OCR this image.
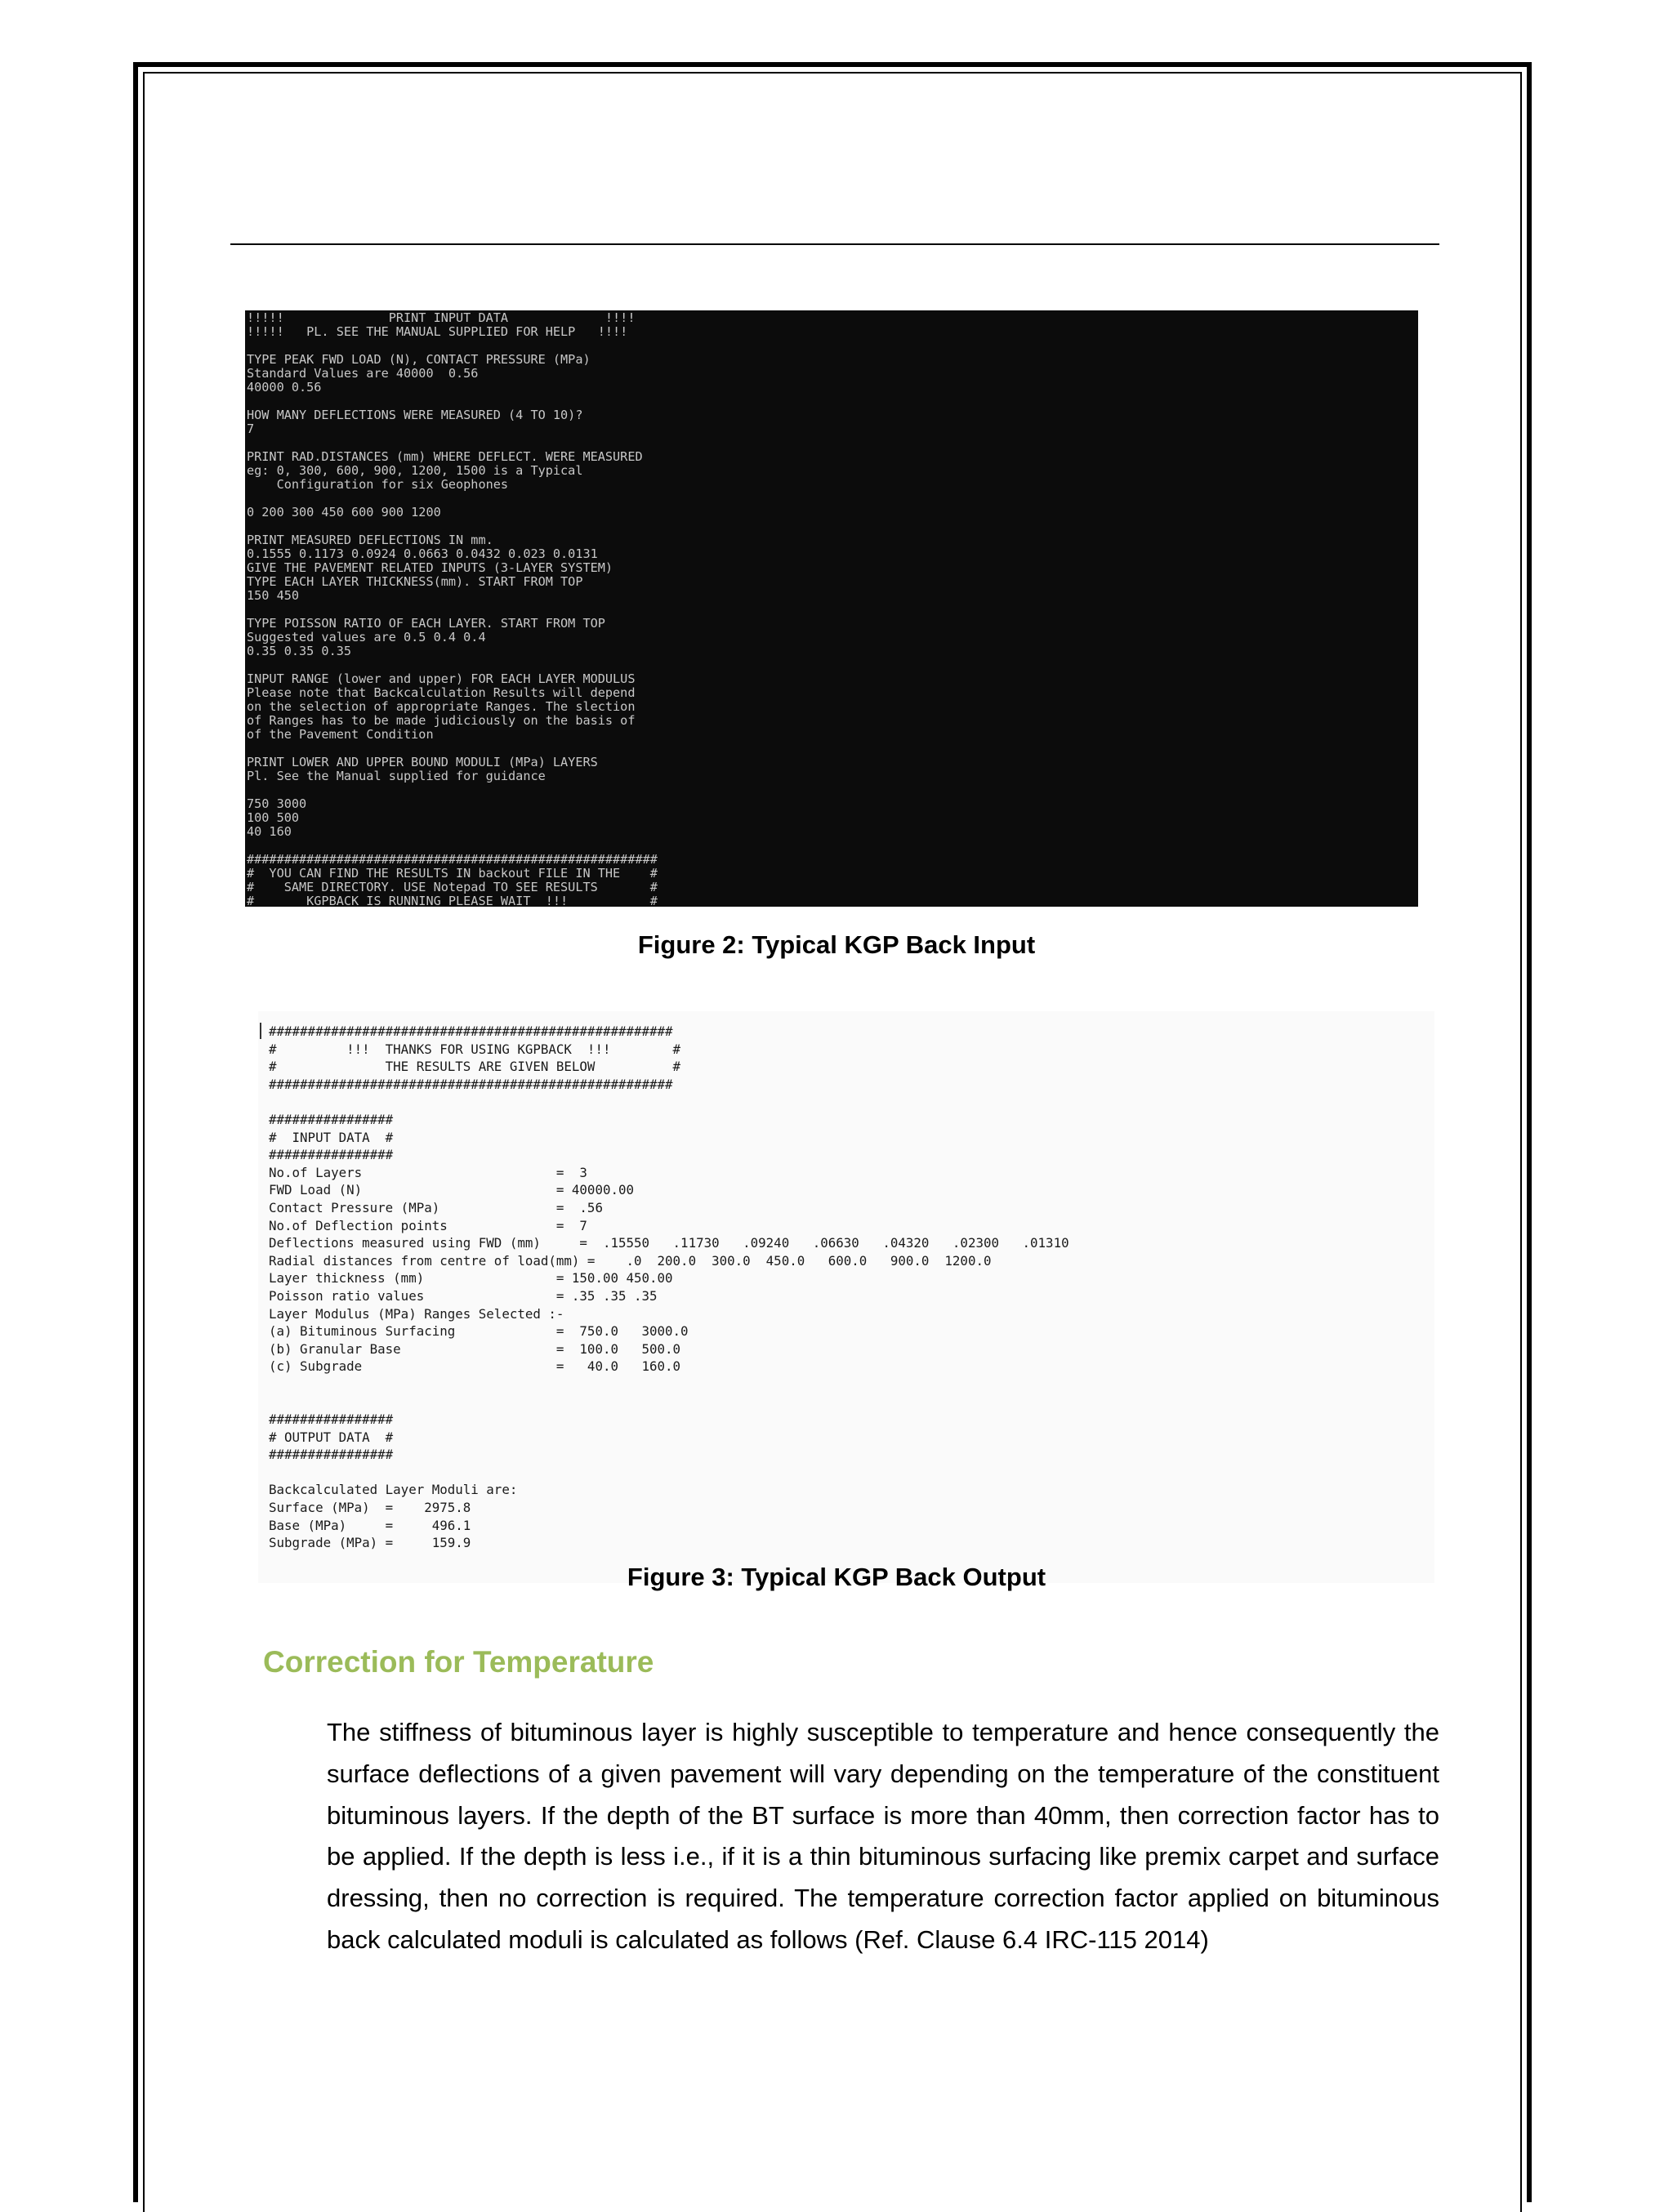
!!!!!              PRINT INPUT DATA             !!!!
!!!!!   PL. SEE THE MANUAL SUPPLIED FOR HELP   !!!!
TYPE PEAK FWD LOAD (N), CONTACT PRESSURE (MPa)
Standard Values are 40000  0.56
40000 0.56
HOW MANY DEFLECTIONS WERE MEASURED (4 TO 10)?
7
PRINT RAD.DISTANCES (mm) WHERE DEFLECT. WERE MEASURED
eg: 0, 300, 600, 900, 1200, 1500 is a Typical
Configuration for six Geophones
0 200 300 450 600 900 1200
PRINT MEASURED DEFLECTIONS IN mm.
0.1555 0.1173 0.0924 0.0663 0.0432 0.023 0.0131
GIVE THE PAVEMENT RELATED INPUTS (3-LAYER SYSTEM)
TYPE EACH LAYER THICKNESS(mm). START FROM TOP
150 450
TYPE POISSON RATIO OF EACH LAYER. START FROM TOP
Suggested values are 0.5 0.4 0.4
0.35 0.35 0.35
INPUT RANGE (lower and upper) FOR EACH LAYER MODULUS
Please note that Backcalculation Results will depend
on the selection of appropriate Ranges. The slection
of Ranges has to be made judiciously on the basis of
of the Pavement Condition
PRINT LOWER AND UPPER BOUND MODULI (MPa) LAYERS
Pl. See the Manual supplied for guidance
750 3000
100 500
40 160
#######################################################
#  YOU CAN FIND THE RESULTS IN backout FILE IN THE    #
#    SAME DIRECTORY. USE Notepad TO SEE RESULTS       #
#       KGPBACK IS RUNNING PLEASE WAIT  !!!           #
Figure 2: Typical KGP Back Input
####################################################
#         !!!  THANKS FOR USING KGPBACK  !!!        #
#              THE RESULTS ARE GIVEN BELOW          #
####################################################
################
#  INPUT DATA  #
################
No.of Layers                         =  3
FWD Load (N)                         = 40000.00
Contact Pressure (MPa)               =  .56
No.of Deflection points              =  7
Deflections measured using FWD (mm)     =  .15550   .11730   .09240   .06630   .04320   .02300   .01310
Radial distances from centre of load(mm) =    .0  200.0  300.0  450.0   600.0   900.0  1200.0
Layer thickness (mm)                 = 150.00 450.00
Poisson ratio values                 = .35 .35 .35
Layer Modulus (MPa) Ranges Selected :-
(a) Bituminous Surfacing             =  750.0   3000.0
(b) Granular Base                    =  100.0   500.0
(c) Subgrade                         =   40.0   160.0
################
# OUTPUT DATA  #
################
Backcalculated Layer Moduli are:
Surface (MPa)  =    2975.8
Base (MPa)     =     496.1
Subgrade (MPa) =     159.9
Figure 3: Typical KGP Back Output
Correction for Temperature
The stiffness of bituminous layer is highly susceptible to temperature and hence consequently the surface deflections of a given pavement will vary depending on the temperature of the constituent bituminous layers. If the depth of the BT surface is more than 40mm, then correction factor has to be applied. If the depth is less i.e., if it is a thin bituminous surfacing like premix carpet and surface dressing, then no correction is required. The temperature correction factor applied on bituminous back calculated moduli is calculated as follows (Ref. Clause 6.4 IRC-115 2014)
